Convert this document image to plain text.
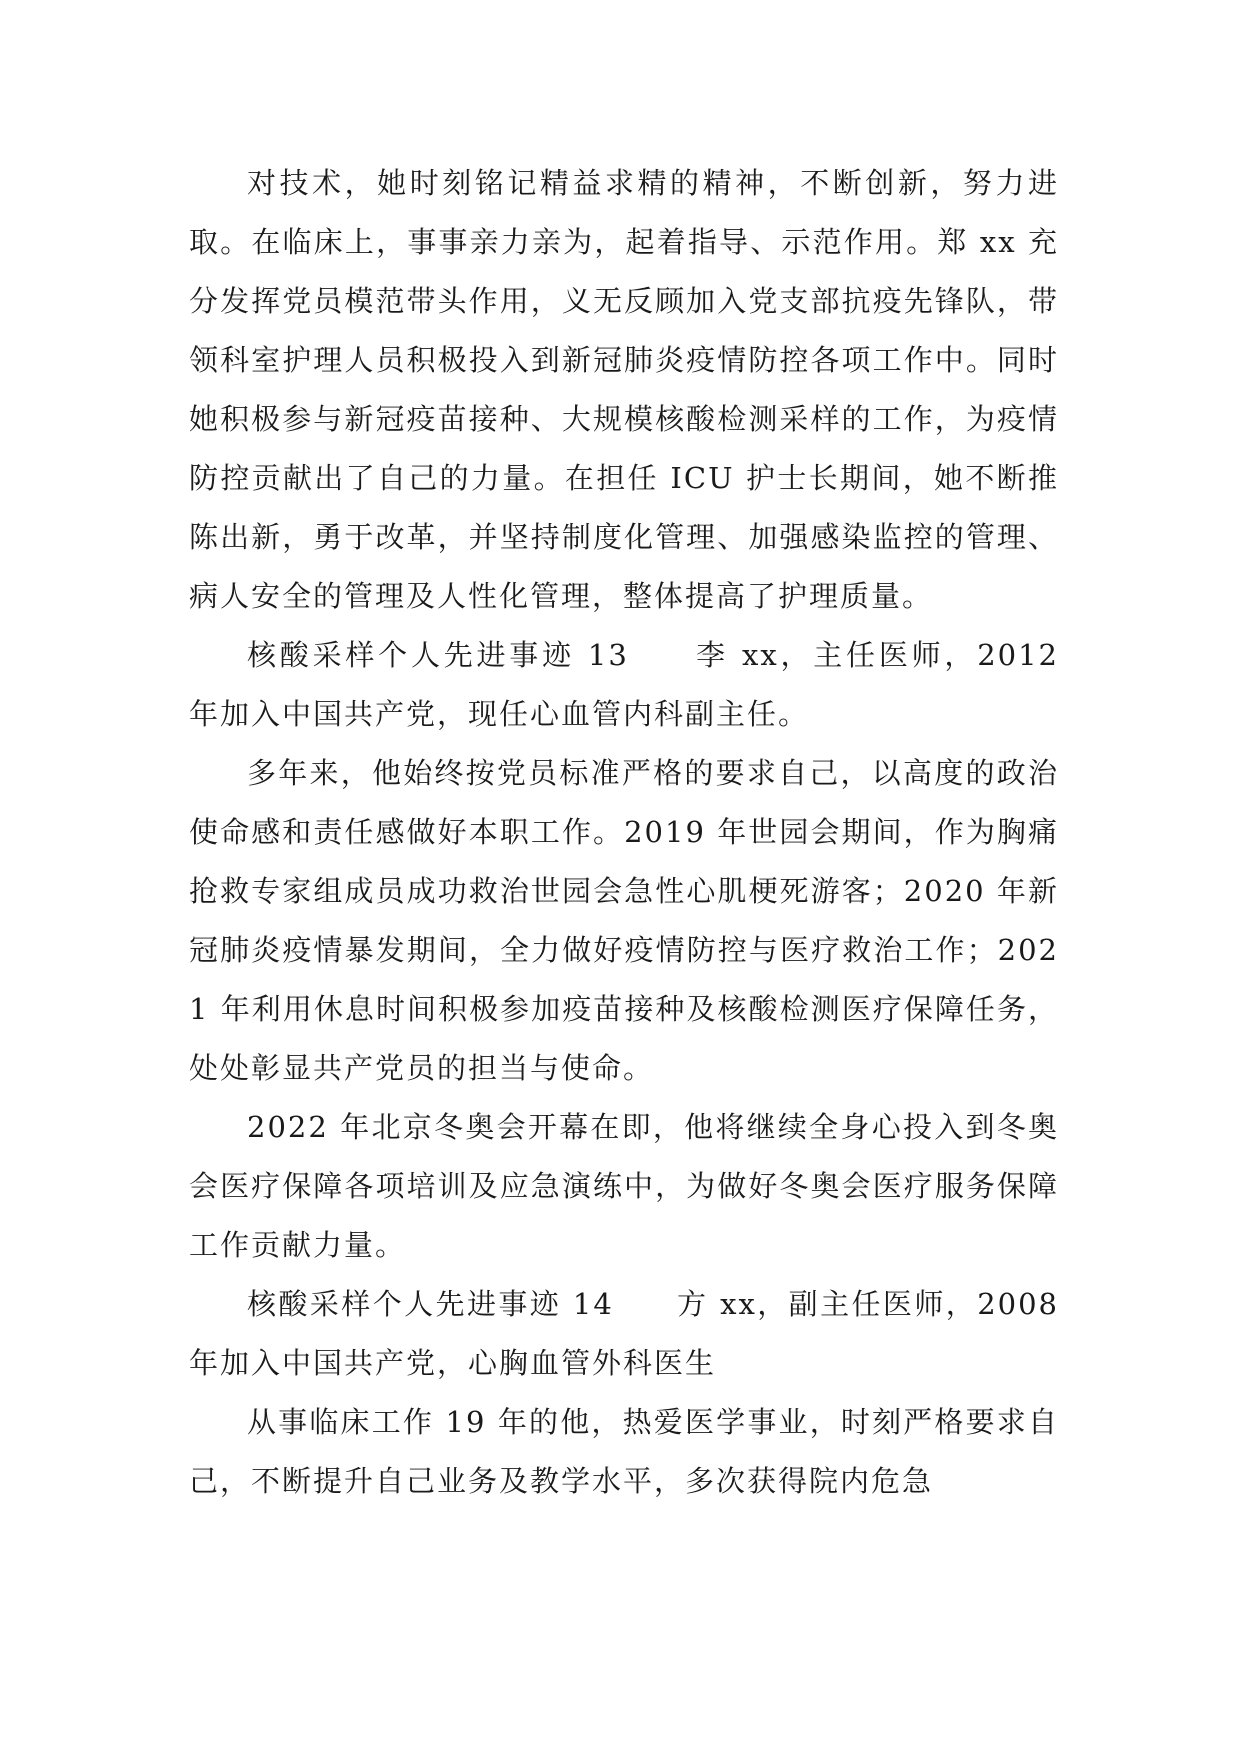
对技术，她时刻铭记精益求精的精神，不断创新，努力进取。在临床上，事事亲力亲为，起着指导、示范作用。郑 xx 充分发挥党员模范带头作用，义无反顾加入党支部抗疫先锋队，带领科室护理人员积极投入到新冠肺炎疫情防控各项工作中。同时她积极参与新冠疫苗接种、大规模核酸检测采样的工作，为疫情防控贡献出了自己的力量。在担任 ICU 护士长期间，她不断推陈出新，勇于改革，并坚持制度化管理、加强感染监控的管理、病人安全的管理及人性化管理，整体提高了护理质量。

核酸采样个人先进事迹 13　　李 xx，主任医师，2012 年加入中国共产党，现任心血管内科副主任。

多年来，他始终按党员标准严格的要求自己，以高度的政治使命感和责任感做好本职工作。2019 年世园会期间，作为胸痛抢救专家组成员成功救治世园会急性心肌梗死游客；2020 年新冠肺炎疫情暴发期间，全力做好疫情防控与医疗救治工作；2021 年利用休息时间积极参加疫苗接种及核酸检测医疗保障任务，处处彰显共产党员的担当与使命。

2022 年北京冬奥会开幕在即，他将继续全身心投入到冬奥会医疗保障各项培训及应急演练中，为做好冬奥会医疗服务保障工作贡献力量。

核酸采样个人先进事迹 14　　方 xx，副主任医师，2008 年加入中国共产党，心胸血管外科医生

从事临床工作 19 年的他，热爱医学事业，时刻严格要求自己，不断提升自己业务及教学水平，多次获得院内危急
